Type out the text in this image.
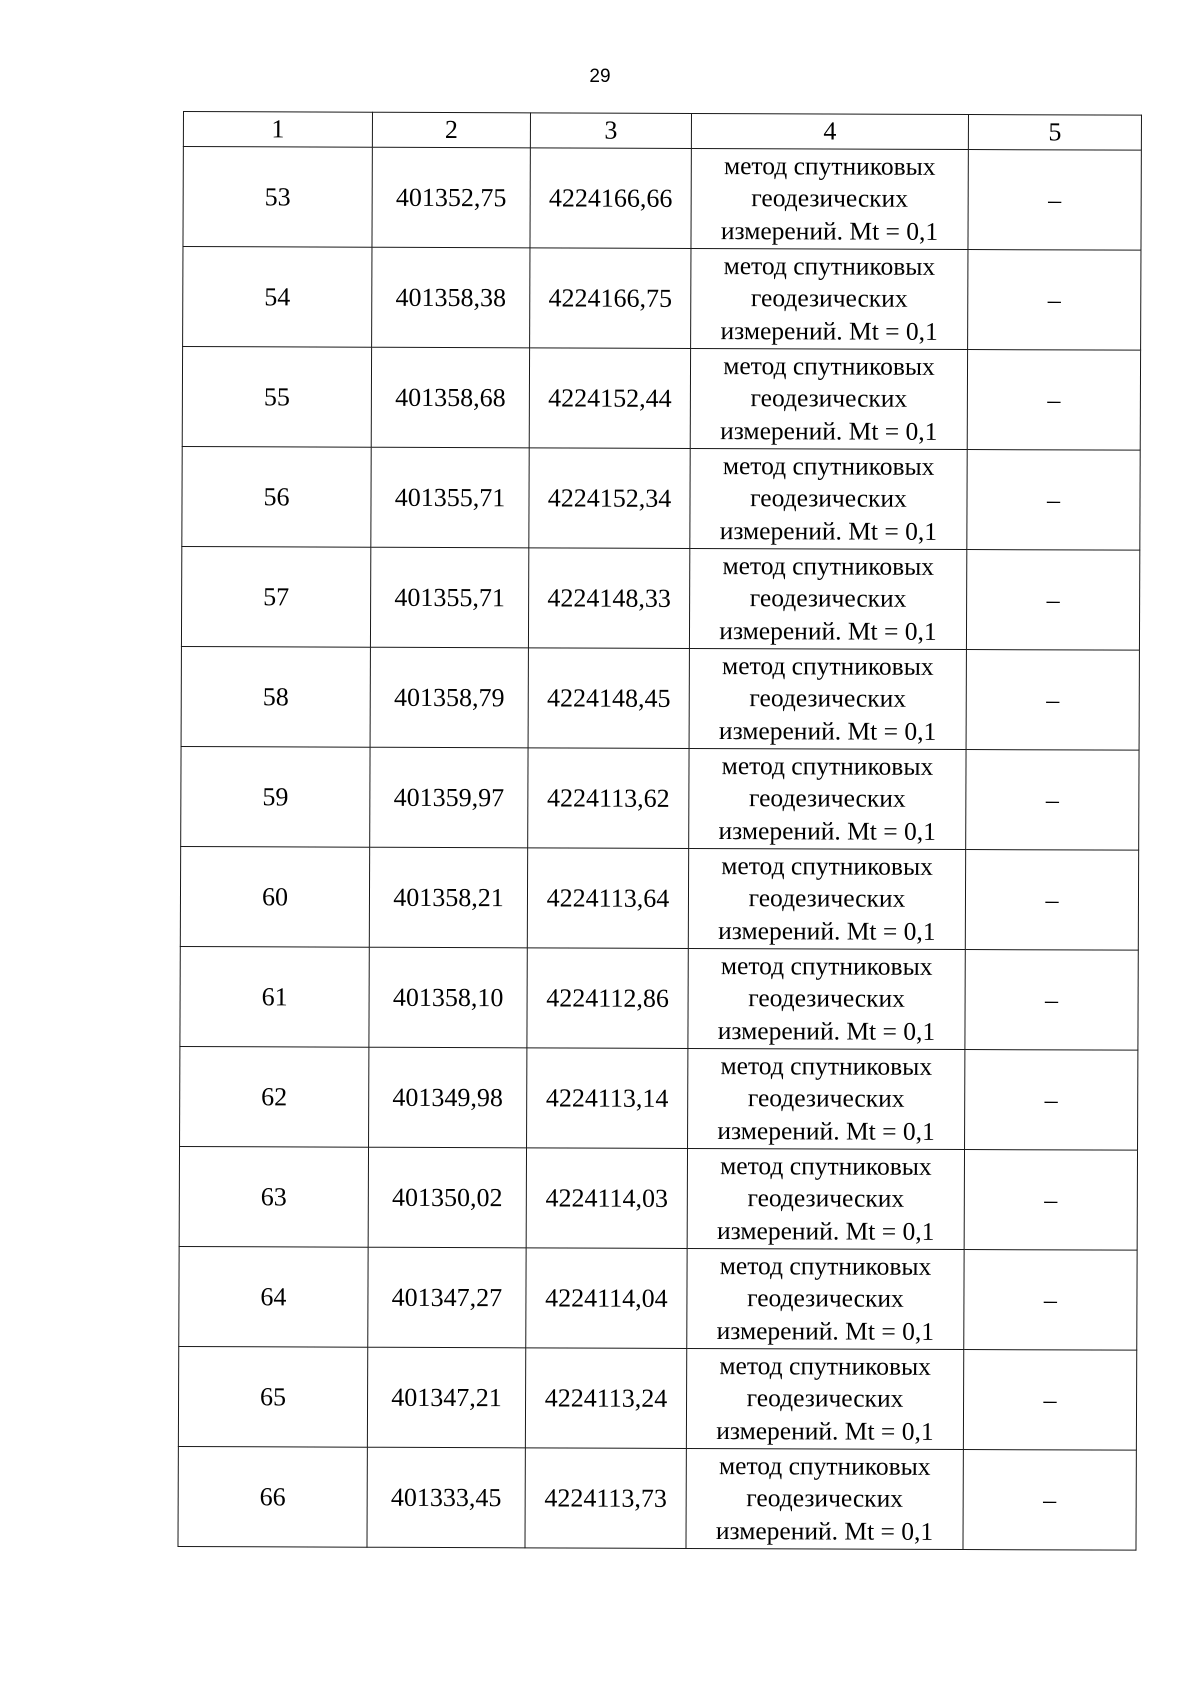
29
1	2	3	4	5
53	401352,75	4224166,66	метод спутниковых
геодезических
измерений. Mt = 0,1	–
54	401358,38	4224166,75	метод спутниковых
геодезических
измерений. Mt = 0,1	–
55	401358,68	4224152,44	метод спутниковых
геодезических
измерений. Mt = 0,1	–
56	401355,71	4224152,34	метод спутниковых
геодезических
измерений. Mt = 0,1	–
57	401355,71	4224148,33	метод спутниковых
геодезических
измерений. Mt = 0,1	–
58	401358,79	4224148,45	метод спутниковых
геодезических
измерений. Mt = 0,1	–
59	401359,97	4224113,62	метод спутниковых
геодезических
измерений. Mt = 0,1	–
60	401358,21	4224113,64	метод спутниковых
геодезических
измерений. Mt = 0,1	–
61	401358,10	4224112,86	метод спутниковых
геодезических
измерений. Mt = 0,1	–
62	401349,98	4224113,14	метод спутниковых
геодезических
измерений. Mt = 0,1	–
63	401350,02	4224114,03	метод спутниковых
геодезических
измерений. Mt = 0,1	–
64	401347,27	4224114,04	метод спутниковых
геодезических
измерений. Mt = 0,1	–
65	401347,21	4224113,24	метод спутниковых
геодезических
измерений. Mt = 0,1	–
66	401333,45	4224113,73	метод спутниковых
геодезических
измерений. Mt = 0,1	–
